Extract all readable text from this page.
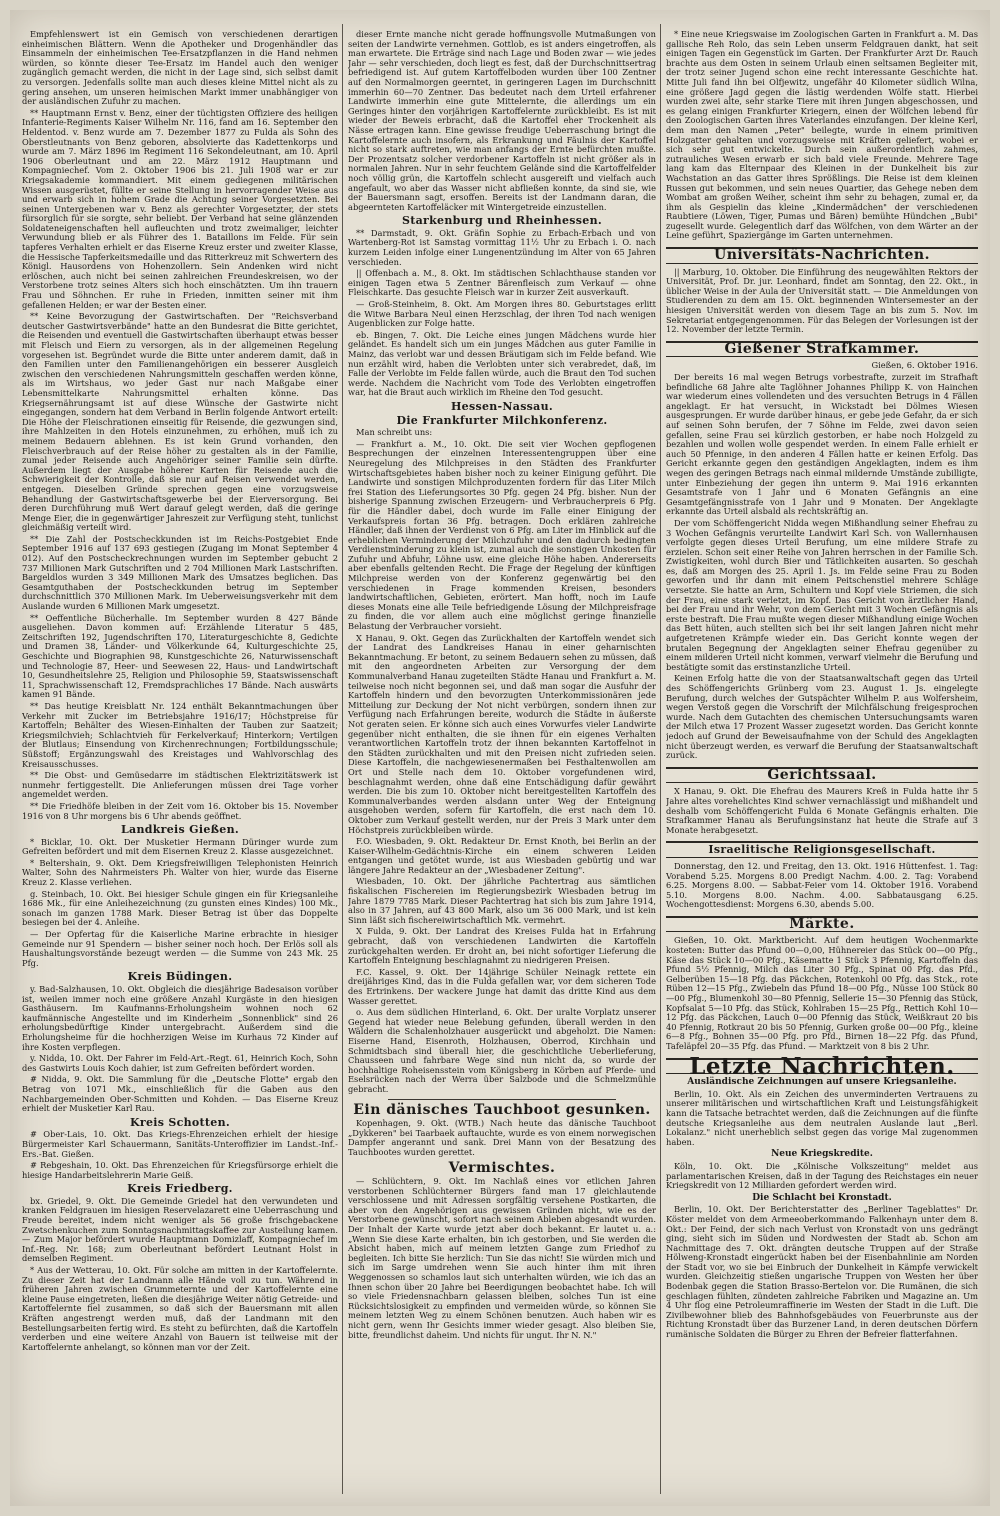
Empfehlenswert ist ein Gemisch von verschiedenen derartigen einheimischen Blättern. Wenn die Apotheker und Drogenhändler das Einsammeln der einheimischen Tee-Ersatzpflanzen in die Hand nehmen würden, so könnte dieser Tee-Ersatz im Handel auch den weniger zugänglich gemacht werden, die nicht in der Lage sind, sich selbst damit zu versorgen. Jedenfalls sollte man auch dieses kleine Mittel nicht als zu gering ansehen, um unseren heimischen Markt immer unabhängiger von der ausländischen Zufuhr zu machen.

** Hauptmann Ernst v. Benz, einer der tüchtigsten Offiziere des heiligen Infanterie-Regiments Kaiser Wilhelm Nr. 116, fand am 16. September den Heldentod. v. Benz wurde am 7. Dezember 1877 zu Fulda als Sohn des Oberstleutnants von Benz geboren, absolvierte das Kadettenkorps und wurde am 7. März 1896 im Regiment 116 Sekondeleutnant, am 10. April 1906 Oberleutnant und am 22. März 1912 Hauptmann und Kompagniechef. Vom 2. Oktober 1906 bis 21. Juli 1908 war er zur Kriegsakademie kommandiert. Mit einem gediegenen militärischen Wissen ausgerüstet, füllte er seine Stellung in hervorragender Weise aus und erwarb sich in hohem Grade die Achtung seiner Vorgesetzten. Bei seinen Untergebenen war v. Benz als gerechter Vorgesetzter, der stets fürsorglich für sie sorgte, sehr beliebt. Der Verband hat seine glänzenden Soldateneigenschaften hell aufleuchten und trotz zweimaliger, leichter Verwundung blieb er als Führer des 1. Bataillons im Felde. Für sein tapferes Verhalten erhielt er das Eiserne Kreuz erster und zweiter Klasse, die Hessische Tapferkeitsmedaille und das Ritterkreuz mit Schwertern des Königl. Hausordens von Hohenzollern. Sein Andenken wird nicht erlöschen, auch nicht bei seinen zahlreichen Freundeskreisen, wo der Verstorbene trotz seines Alters sich hoch einschätzten. Um ihn trauern Frau und Söhnchen. Er ruhe in Frieden, inmitten seiner mit ihm gefallenen Helden; er war der Besten einer.

** Keine Bevorzugung der Gastwirtschaften. Der "Reichsverband deutscher Gastwirtsverbände" hatte an den Bundesrat die Bitte gerichtet, die Reisenden und eventuell die Gastwirtschaften überhaupt etwas besser mit Fleisch und Eiern zu versorgen, als in der allgemeinen Regelung vorgesehen ist. Begründet wurde die Bitte unter anderem damit, daß in den Familien unter den Familienangehörigen ein besserer Ausgleich zwischen den verschiedenen Nahrungsmitteln geschaffen werden könne, als im Wirtshaus, wo jeder Gast nur nach Maßgabe einer Lebensmittelkarte Nahrungsmittel erhalten könne. Das Kriegsernährungsamt ist auf diese Wünsche der Gastwirte nicht eingegangen, sondern hat dem Verband in Berlin folgende Antwort erteilt: Die Höhe der Fleischrationen einseitig für Reisende, die gezwungen sind, ihre Mahlzeiten in den Hotels einzunehmen, zu erhöhen, muß ich zu meinem Bedauern ablehnen. Es ist kein Grund vorhanden, den Fleischverbrauch auf der Reise höher zu gestalten als in der Familie, zumal jeder Reisende auch Angehöriger seiner Familie sein dürfte. Außerdem liegt der Ausgabe höherer Karten für Reisende auch die Schwierigkeit der Kontrolle, daß sie nur auf Reisen verwendet werden, entgegen. Dieselben Gründe sprechen gegen eine vorzugsweise Behandlung der Gastwirtschaftsgewerbe bei der Eierversorgung. Bei deren Durchführung muß Wert darauf gelegt werden, daß die geringe Menge Eier, die in gegenwärtiger Jahreszeit zur Verfügung steht, tunlichst gleichmäßig verteilt wird.

** Die Zahl der Postscheckkunden ist im Reichs-Postgebiet Ende September 1916 auf 137 693 gestiegen (Zugang im Monat September 4 012). Auf den Postscheckrechnungen wurden im September gebucht 2 737 Millionen Mark Gutschriften und 2 704 Millionen Mark Lastschriften. Bargeldlos wurden 3 349 Millionen Mark des Umsatzes beglichen. Das Gesamtguthaben der Postscheckkunden betrug im September durchschnittlich 370 Millionen Mark. Im Ueberweisungsverkehr mit dem Auslande wurden 6 Millionen Mark umgesetzt.

** Oeffentliche Bücherhalle. Im September wurden 8 427 Bände ausgeliehen. Davon kommen auf: Erzählende Literatur 5 485, Zeitschriften 192, Jugendschriften 170, Literaturgeschichte 8, Gedichte und Dramen 38, Länder- und Völkerkunde 64, Kulturgeschichte 25, Geschichte und Biographien 98, Kunstgeschichte 26, Naturwissenschaft und Technologie 87, Heer- und Seewesen 22, Haus- und Landwirtschaft 10, Gesundheitslehre 25, Religion und Philosophie 59, Staatswissenschaft 11, Sprachwissenschaft 12, Fremdsprachliches 17 Bände. Nach auswärts kamen 91 Bände.

** Das heutige Kreisblatt Nr. 124 enthält Bekanntmachungen über Verkehr mit Zucker im Betriebsjahre 1916/17; Höchstpreise für Kartoffeln; Behälter des Wiesen-Einhalten der Tauben zur Saatzeit; Kriegsmilchvieh; Schlachtvieh für Ferkelverkauf; Hinterkorn; Vertilgen der Blutlaus; Einsendung von Kirchenrechnungen; Fortbildungsschule; Süßstoff; Ergänzungswahl des Kreistages und Wahlvorschlag des Kreisausschusses.

** Die Obst- und Gemüsedarre im städtischen Elektrizitätswerk ist nunmehr fertiggestellt. Die Anlieferungen müssen drei Tage vorher angemeldet werden.

** Die Friedhöfe bleiben in der Zeit vom 16. Oktober bis 15. November 1916 von 8 Uhr morgens bis 6 Uhr abends geöffnet.

Landkreis Gießen.

* Bicklar, 10. Okt. Der Musketier Hermann Düringer wurde zum Gefreiten befördert und mit dem Eisernen Kreuz 2. Klasse ausgezeichnet.

* Beltershain, 9. Okt. Dem Kriegsfreiwilligen Telephonisten Heinrich Walter, Sohn des Nahrmeisters Ph. Walter von hier, wurde das Eiserne Kreuz 2. Klasse verliehen.

g. Steinbach, 10. Okt. Bei hiesiger Schule gingen ein für Kriegsanleihe 1686 Mk., für eine Anleihezeichnung (zu gunsten eines Kindes) 100 Mk., sonach im ganzen 1788 Mark. Dieser Betrag ist über das Doppelte besiegen bei der 4. Anleihe.

— Der Opfertag für die Kaiserliche Marine erbrachte in hiesiger Gemeinde nur 91 Spendern — bisher seiner noch hoch. Der Erlös soll als Haushaltungsvorstände bezeugt werden — die Summe von 243 Mk. 25 Pfg.

Kreis Büdingen.

y. Bad-Salzhausen, 10. Okt. Obgleich die diesjährige Badesaison vorüber ist, weilen immer noch eine größere Anzahl Kurgäste in den hiesigen Gasthäusern. Im Kaufmanns-Erholungsheim wohnen noch 62 kaufmännische Angestellte und im Kinderheim „Sonnenblick" sind 26 erholungsbedürftige Kinder untergebracht. Außerdem sind die Erholungsheime für die hochherzigen Weise im Kurhaus 72 Kinder auf ihre Kosten verpflegen.

y. Nidda, 10. Okt. Der Fahrer im Feld-Art.-Regt. 61, Heinrich Koch, Sohn des Gastwirts Louis Koch dahier, ist zum Gefreiten befördert worden.

# Nidda, 9. Okt. Die Sammlung für die „Deutsche Flotte" ergab den Betrag von 1071 Mk., einschließlich für die Gaben aus den Nachbargemeinden Ober-Schmitten und Kohden. — Das Eiserne Kreuz erhielt der Musketier Karl Rau.

Kreis Schotten.

# Ober-Lais, 10. Okt. Das Kriegs-Ehrenzeichen erhielt der hiesige Bürgermeister Karl Schauermann, Sanitäts-Unteroffizier im Landst.-Inf.-Ers.-Bat. Gießen.

# Rebgeshain, 10. Okt. Das Ehrenzeichen für Kriegsfürsorge erhielt die hiesige Handarbeitslehrerin Marie Geiß.

Kreis Friedberg.

bx. Griedel, 9. Okt. Die Gemeinde Griedel hat den verwundeten und kranken Feldgrauen im hiesigen Reservelazarett eine Ueberraschung und Freude bereitet, indem nicht weniger als 56 große frischgebackene Zwetschenkuchen zum Sonntagsnachmittagskaffee zur Austeilung kamen. — Zum Major befördert wurde Hauptmann Domizlaff, Kompagniechef im Inf.-Reg. Nr. 168; zum Oberleutnant befördert Leutnant Holst in demselben Regiment.

* Aus der Wetterau, 10. Okt. Für solche am mitten in der Kartoffelernte. Zu dieser Zeit hat der Landmann alle Hände voll zu tun. Während in früheren Jahren zwischen Grummeternte und der Kartoffelernte eine kleine Pause eingetreten, ließen die diesjährige Weiter nötig Getreide- und Kartoffelernte fiel zusammen, so daß sich der Bauersmann mit allen Kräften angestrengt werden muß, daß der Landmann mit den Bestellungsarbeiten fertig wird. Es steht zu befürchten, daß die Kartoffeln verderben und eine weitere Anzahl von Bauern ist teilweise mit der Kartoffelernte anhelangt, so können man vor der Zeit.

dieser Ernte manche nicht gerade hoffnungsvolle Mutmaßungen von seiten der Landwirte vernehmen. Gottlob, es ist anders eingetroffen, als man erwartete. Die Erträge sind nach Lage und Boden zwar — wie jedes Jahr — sehr verschieden, doch liegt es fest, daß der Durchschnittsertrag befriedigend ist. Auf gutem Kartoffelboden wurden über 100 Zentner auf den Normalmorgen geerntet, in geringeren Lagen im Durchschnitt immerhin 60—70 Zentner. Das bedeutet nach dem Urteil erfahrener Landwirte immerhin eine gute Mittelernte, die allerdings um ein Geringes hinter den vorjährigen Kartoffelernte zurückbleibt. Es ist mit wieder der Beweis erbracht, daß die Kartoffel eher Trockenheit als Nässe ertragen kann. Eine gewisse freudige Ueberraschung bringt die Kartoffelernte auch insofern, als Erkrankung und Fäulnis der Kartoffel nicht so stark auftreten, wie man anfangs der Ernte befürchten mußte. Der Prozentsatz solcher verdorbener Kartoffeln ist nicht größer als in normalen Jahren. Nur in sehr feuchtem Gelände sind die Kartoffelfelder noch völlig grün, die Kartoffeln schlecht ausgereift und vielfach auch angefault, wo aber das Wasser nicht abfließen konnte, da sind sie, wie der Bauersmann sagt, ersoffen. Bereits ist der Landmann daran, die abgeernteten Kartoffeläcker mit Wintergetreide einzustellen.

Starkenburg und Rheinhessen.

** Darmstadt, 9. Okt. Gräfin Sophie zu Erbach-Erbach und von Wartenberg-Rot ist Samstag vormittag 11½ Uhr zu Erbach i. O. nach kurzem Leiden infolge einer Lungenentzündung im Alter von 65 Jahren verschieden.

|| Offenbach a. M., 8. Okt. Im städtischen Schlachthause standen vor einigen Tagen etwa 5 Zentner Bärenfleisch zum Verkauf — ohne Fleischkarte. Das gesuchte Fleisch war in kurzer Zeit ausverkauft.

— Groß-Steinheim, 8. Okt. Am Morgen ihres 80. Geburtstages erlitt die Witwe Barbara Neul einen Herzschlag, der ihren Tod nach wenigen Augenblicken zur Folge hatte.

eb. Bingen, 7. Okt. Die Leiche eines jungen Mädchens wurde hier geländet. Es handelt sich um ein junges Mädchen aus guter Familie in Mainz, das verlobt war und dessen Bräutigam sich im Felde befand. Wie nun erzählt wird, haben die Verlobten unter sich verabredet, daß, im Falle der Verlobte im Felde fallen würde, auch die Braut den Tod suchen werde. Nachdem die Nachricht vom Tode des Verlobten eingetroffen war, hat die Braut auch wirklich im Rheine den Tod gesucht.

Hessen-Nassau.
Die Frankfurter Milchkonferenz.

Man schreibt uns:

— Frankfurt a. M., 10. Okt. Die seit vier Wochen gepflogenen Besprechungen der einzelnen Interessentengruppen über eine Neuregelung des Milchpreises in den Städten des Frankfurter Wirtschaftsgebietes haben bisher noch zu keiner Einigung geführt. Die Landwirte und sonstigen Milchproduzenten fordern für das Liter Milch frei Station des Lieferungsortes 30 Pfg. gegen 24 Pfg. bisher. Nun der bisherige Spannung zwischen Erzeugern- und Verbraucherpreis 6 Pfg. für die Händler dabei, doch wurde im Falle einer Einigung der Verkaufspreis fortan 36 Pfg. betragen. Doch erklären zahlreiche Händler, daß ihnen der Verdienst von 6 Pfg. am Liter im Hinblick auf die erheblichen Verminderung der Milchzufuhr und den dadurch bedingten Verdienstminderung zu klein ist, zumal auch die sonstigen Unkosten für Zufuhr und Abfuhr, Löhne usw. eine gleiche Höhe haben. Andererseits aber ebenfalls geltenden Recht. Die Frage der Regelung der künftigen Milchpreise werden von der Konferenz gegenwärtig bei den verschiedenen in Frage kommenden Kreisen, besonders landwirtschaftlichen, Gebieten, erörtert. Man hofft, noch im Laufe dieses Monats eine alle Teile befriedigende Lösung der Milchpreisfrage zu finden, die vor allem auch eine möglichst geringe finanzielle Belastung der Verbraucher vorsieht.

X Hanau, 9. Okt. Gegen das Zurückhalten der Kartoffeln wendet sich der Landrat des Landkreises Hanau in einer geharnischten Bekanntmachung. Er betont, zu seinem Bedauern sehen zu müssen, daß mit den angeordneten Arbeiten zur Versorgung der dem Kommunalverband Hanau zugeteilten Städte Hanau und Frankfurt a. M. teilweise noch nicht begonnen sei, und daß man sogar die Ausfuhr der Kartoffeln hindern und den bevorzugten Unterkommissionären jede Mitteilung zur Deckung der Not nicht verbürgen, sondern ihnen zur Verfügung nach Erfahrungen bereite, wodurch die Städte in äußerste Not geraten seien. Er könne sich auch eines Vorwurfes vieler Landwirte gegenüber nicht enthalten, die sie ihnen für ein eigenes Verhalten verantwortlichen Kartoffeln trotz der ihnen bekannten Kartoffelnot in den Städten zurückhalten und mit den Preisen nicht zufrieden seien. Diese Kartoffeln, die nachgewiesenermaßen bei Festhaltenwollen am Ort und Stelle nach dem 10. Oktober vorgefundenen wird, beschlagnahmt werden, ohne daß eine Entschädigung dafür gewährt werden. Die bis zum 10. Oktober nicht bereitgestellten Kartoffeln des Kommunalverbandes werden alsdann unter Weg der Enteignung ausgehoben werden, sofern für Kartoffeln, die erst nach dem 10. Oktober zum Verkauf gestellt werden, nur der Preis 3 Mark unter dem Höchstpreis zurückbleiben würde.

F.O. Wiesbaden, 9. Okt. Redakteur Dr. Ernst Knoth, bei Berlin an der Kaiser-Wilhelm-Gedächtnis-Kirche ein einem schweren Leiden entgangen und getötet wurde, ist aus Wiesbaden gebürtig und war längere Jahre Redakteur an der „Wiesbadener Zeitung".

Wiesbaden, 10. Okt. Der jährliche Pachtertrag aus sämtlichen fiskalischen Fischereien im Regierungsbezirk Wiesbaden betrug im Jahre 1879 7785 Mark. Dieser Pachtertrag hat sich bis zum Jahre 1914, also in 37 Jahren, auf 43 800 Mark, also um 36 000 Mark, und ist kein Sinn läßt sich fischereiwirtschaftlich Mk. vermehrt.

X Fulda, 9. Okt. Der Landrat des Kreises Fulda hat in Erfahrung gebracht, daß von verschiedenen Landwirten die Kartoffeln zurückgehalten werden. Er droht an, bei nicht sofortiger Lieferung die Kartoffeln Enteignung beschlagnahmt zu niedrigeren Preisen.

F.C. Kassel, 9. Okt. Der 14jährige Schüler Neinagk rettete ein dreijähriges Kind, das in die Fulda gefallen war, vor dem sicheren Tode des Ertrinkens. Der wackere Junge hat damit das dritte Kind aus dem Wasser gerettet.

o. Aus dem südlichen Hinterland, 6. Okt. Der uralte Vorplatz unserer Gegend hat wieder neue Belebung gefunden, überall werden in den Wäldern die Schalenholzhauer ausgerückt und abgeholzt. Die Namen: Eiserne Hand, Eisenroth, Holzhausen, Oberrod, Kirchhain und Schmidtsbach sind überall hier, die geschichtliche Ueberlieferung, Chausseen und fahrbare Wege sind nun nicht da, so wurde der hochhaltige Roheisensstein vom Königsberg in Körben auf Pferde- und Eselsrücken nach der Werra über Salzbode und die Schmelzmühle gebracht.

Ein dänisches Tauchboot gesunken.

Kopenhagen, 9. Okt. (WTB.) Nach heute das dänische Tauchboot „Dykkeren" bei Taarbaek auftauchte, wurde es von einem norwegischen Dampfer angerannt und sank. Drei Mann von der Besatzung des Tauchbootes wurden gerettet.

Vermischtes.

— Schlüchtern, 9. Okt. Im Nachlaß eines vor etlichen Jahren verstorbenen Schlüchterner Bürgers fand man 17 gleichlautende verschlossene und mit Adressen sorgfältig versehene Postkarten, die aber von den Angehörigen aus gewissen Gründen nicht, wie es der Verstorbene gewünscht, sofort nach seinem Ableben abgesandt wurden. Der Inhalt der Karte wurde jetzt aber doch bekannt. Er lautet u. a.: „Wenn Sie diese Karte erhalten, bin ich gestorben, und Sie werden die Absicht haben, mich auf meinem letzten Gange zum Friedhof zu begleiten. Ich bitte Sie herzlich: Tun Sie das nicht! Sie würden mich und sich im Sarge umdrehen wenn Sie auch hinter ihm mit ihren Weggenossen so schamlos laut sich unterhalten würden, wie ich das an Ihnen schon über 20 Jahre bei Beerdigungen beobachtet habe. Ich will so viele Friedensnachbarn gelassen bleiben, solches Tun ist eine Rücksichtslosigkeit zu empfinden und vermeiden würde, so können Sie meinem letzten Weg zu einem Schönen benutzen. Auch haben wir es nicht gern, wenn Ihr Gesichts immer wieder gesagt. Also bleiben Sie, bitte, freundlichst daheim. Und nichts für ungut. Ihr N. N."

* Eine neue Kriegswaise im Zoologischen Garten in Frankfurt a. M. Das gallische Reh Rolo, das sein Leben unserm Feldgrauen dankt, hat seit einigen Tagen ein Gegenstück im Garten. Der Frankfurter Arzt Dr. Rauch brachte aus dem Osten in seinem Urlaub einen seltsamen Begleiter mit, der trotz seiner Jugend schon eine recht interessante Geschichte hat. Mitte Juli fand ihn bei Olfjewitz, ungefähr 40 Kilometer südlich Wilna, eine größere Jagd gegen die lästig werdenden Wölfe statt. Hierbei wurden zwei alte, sehr starke Tiere mit ihren Jungen abgeschossen, und es gelang einigen Frankfurter Kriegern, einen der Wölfchen lebend für den Zoologischen Garten ihres Vaterlandes einzufangen. Der kleine Kerl, dem man den Namen „Peter" beilegte, wurde in einem primitiven Holzgatter gehalten und vorzugsweise mit Kräften geliefert, wobei er sich sehr gut entwickelte. Durch sein außerordentlich zahmes, zutrauliches Wesen erwarb er sich bald viele Freunde. Mehrere Tage lang kam das Elternpaar des Kleinen in der Dunkelheit bis zur Wachstation an das Gatter ihres Sprößlings. Die Reise ist dem kleinen Russen gut bekommen, und sein neues Quartier, das Gehege neben dem Wombat am großen Weiher, scheint ihm sehr zu behagen, zumal er, da ihm als Gespielin das kleine „Kindermädchen" der verschiedenen Raubtiere (Löwen, Tiger, Pumas und Bären) bemühte Hündchen „Bubi" zugesellt wurde. Gelegentlich darf das Wölfchen, von dem Wärter an der Leine geführt, Spaziergänge im Garten unternehmen.

Universitäts-Nachrichten.

|| Marburg, 10. Oktober. Die Einführung des neugewählten Rektors der Universität, Prof. Dr. jur. Leonhard, findet am Sonntag, den 22. Okt., in üblicher Weise in der Aula der Universität statt. — Die Anmeldungen von Studierenden zu dem am 15. Okt. beginnenden Wintersemester an der hiesigen Universität werden von diesem Tage an bis zum 5. Nov. im Sekretariat entgegengenommen. Für das Belegen der Vorlesungen ist der 12. November der letzte Termin.

Gießener Strafkammer.

Gießen, 6. Oktober 1916.

Der bereits 16 mal wegen Betrugs vorbestrafte, zurzeit im Strafhaft befindliche 68 Jahre alte Taglöhner Johannes Philipp K. von Hainchen war wiederum eines vollendeten und des versuchten Betrugs in 4 Fällen angeklagt. Er hat versucht, in Wickstadt bei Dölmes Wiesen ausgesprungen. Er wurde darüber hinaus, er gebe jede Gefahr, da er sich auf seinen Sohn berufen, der 7 Söhne im Felde, zwei davon seien gefallen, seine Frau sei kürzlich gestorben, er habe noch Holzgeld zu bezahlen und wollen wolle gespendet werden. In einem Falle erhielt er auch 50 Pfennige, in den anderen 4 Fällen hatte er keinen Erfolg. Das Gericht erkannte gegen den geständigen Angeklagten, indem es ihm wegen des geringen Betrags nach einmal mildernde Umstände zubilligte, unter Einbeziehung der gegen ihn unterm 9. Mai 1916 erkannten Gesamtstrafe von 1 Jahr und 6 Monaten Gefängnis an eine Gesamtgefängnisstrafe von 1 Jahr und 9 Monaten. Der Angeklagte erkannte das Urteil alsbald als rechtskräftig an.

Der vom Schöffengericht Nidda wegen Mißhandlung seiner Ehefrau zu 3 Wochen Gefängnis verurteilte Landwirt Karl Sch. von Wallernhausen verfolgte gegen dieses Urteil Berufung, um eine mildere Strafe zu erzielen. Schon seit einer Reihe von Jahren herrschen in der Familie Sch. Zwistigkeiten, wohl durch Bier und Tätlichkeiten ausarten. So geschah es, daß am Morgen des 25. April 1. Js. im Felde seine Frau zu Boden geworfen und ihr dann mit einem Peitschenstiel mehrere Schläge versetzte. Sie hatte an Arm, Schultern und Kopf viele Striemen, die sich der Frau, eine stark verletzt, im Kopf. Das Gericht von ärztlicher Hand, bei der Frau und ihr Wehr, von dem Gericht mit 3 Wochen Gefängnis als erste bestraft. Die Frau mußte wegen dieser Mißhandlung einige Wochen das Bett hüten, auch stellten sich bei ihr seit langen Jahren nicht mehr aufgetretenen Krämpfe wieder ein. Das Gericht konnte wegen der brutalen Begegnung der Angeklagten seiner Ehefrau gegenüber zu einem milderen Urteil nicht kommen, verwarf vielmehr die Berufung und bestätigte somit das erstinstanzliche Urteil.

Keinen Erfolg hatte die von der Staatsanwaltschaft gegen das Urteil des Schöffengerichts Grünberg vom 23. August 1. Js. eingelegte Berufung, durch welches der Gutspächter Wilhelm P. aus Wolfersheim, wegen Verstoß gegen die Vorschrift der Milchfälschung freigesprochen wurde. Nach dem Gutachten des chemischen Untersuchungsamts waren der Milch etwa 17 Prozent Wasser zugesetzt worden. Das Gericht konnte jedoch auf Grund der Beweisaufnahme von der Schuld des Angeklagten nicht überzeugt werden, es verwarf die Berufung der Staatsanwaltschaft zurück.

Gerichtssaal.

X Hanau, 9. Okt. Die Ehefrau des Maurers Kreß in Fulda hatte ihr 5 Jahre altes vorehelichtes Kind schwer vernachlässigt und mißhandelt und deshalb vom Schöffengericht Fulda 6 Monate Gefängnis erhalten. Die Strafkammer Hanau als Berufungsinstanz hat heute die Strafe auf 3 Monate herabgesetzt.

Israelitische Religionsgesellschaft.

Donnerstag, den 12. und Freitag, den 13. Okt. 1916 Hüttenfest. 1. Tag: Vorabend 5.25. Morgens 8.00 Predigt Nachm. 4.00. 2. Tag: Vorabend 6.25. Morgens 8.00. — Sabbat-Feier vom 14. Oktober 1916. Vorabend 5.10. Morgens 8.00. Nachm. 4.00. Sabbatausgang 6.25. Wochengottesdienst: Morgens 6.30, abends 5.00.

Märkte.

Gießen, 10. Okt. Marktbericht. Auf dem heutigen Wochenmarkte kosteten: Butter das Pfund 00—0,00, Hühnereier das Stück 00—00 Pfg., Käse das Stück 10—00 Pfg., Käsematte 1 Stück 3 Pfennig, Kartoffeln das Pfund 5½ Pfennig, Milch das Liter 30 Pfg., Spinat 00 Pfg. das Pfd., Gelberüben 15—18 Pfg. das Päckchen, Rotenkohl 00 Pfg. das Stck., rote Rüben 12—15 Pfg., Zwiebeln das Pfund 18—00 Pfg., Nüsse 100 Stück 80—00 Pfg., Blumenkohl 30—80 Pfennig, Sellerie 15—30 Pfennig das Stück, Kopfsalat 5—10 Pfg. das Stück, Kohlraben 15—25 Pfg., Rettich Kohl 10—12 Pfg. das Päckchen, Lauch 0—00 Pfennig das Stück, Weißkraut 20 bis 40 Pfennig, Rotkraut 20 bis 50 Pfennig, Gurken große 00—00 Pfg., kleine 6—8 Pfg., Bohnen 35—00 Pfg. pro Pfd., Birnen 18—22 Pfg. das Pfund, Tafeläpfel 20—35 Pfg. das Pfund. — Marktzeit von 8 bis 2 Uhr.

Letzte Nachrichten.
Ausländische Zeichnungen auf unsere Kriegsanleihe.

Berlin, 10. Okt. Als ein Zeichen des unverminderten Vertrauens zu unserer militärischen und wirtschaftlichen Kraft und Leistungsfähigkeit kann die Tatsache betrachtet werden, daß die Zeichnungen auf die fünfte deutsche Kriegsanleihe aus dem neutralen Auslande laut „Berl. Lokalanz." nicht unerheblich selbst gegen das vorige Mal zugenommen haben.

Neue Kriegskredite.

Köln, 10. Okt. Die „Kölnische Volkszeitung" meldet aus parlamentarischen Kreisen, daß in der Tagung des Reichstages ein neuer Kriegskredit von 12 Milliarden gefordert werden wird.

Die Schlacht bei Kronstadt.

Berlin, 10. Okt. Der Berichterstatter des „Berliner Tageblattes" Dr. Köster meldet von dem Armeeoberkommando Falkenhayn unter dem 8. Okt.: Der Feind, der sich nach Verlust von Kronstadt von uns gedrängt ging, sieht sich im Süden und Nordwesten der Stadt ab. Schon am Nachmittage des 7. Okt. drängten deutsche Truppen auf der Straße Hölweng-Kronstadt eingerückt haben bei der Eisenbahnlinie am Norden der Stadt vor, wo sie bei Einbruch der Dunkelheit in Kämpfe verwickelt wurden. Gleichzeitig stießen ungarische Truppen von Westen her über Bodenbak gegen die Station Brasso-Bertelon vor. Die Rumänen, die sich geschlagen fühlten, zündeten zahlreiche Fabriken und Magazine an. Um 4 Uhr flog eine Petroleumraffinerie im Westen der Stadt in die Luft. Die Zivilbewohner blieb des Bahnhofsgebäudes von Feuerbrunste aus der Richtung Kronstadt über das Burzener Land, in deren deutschen Dörfern rumänische Soldaten die Bürger zu Ehren der Befreier flatterfahnen.
